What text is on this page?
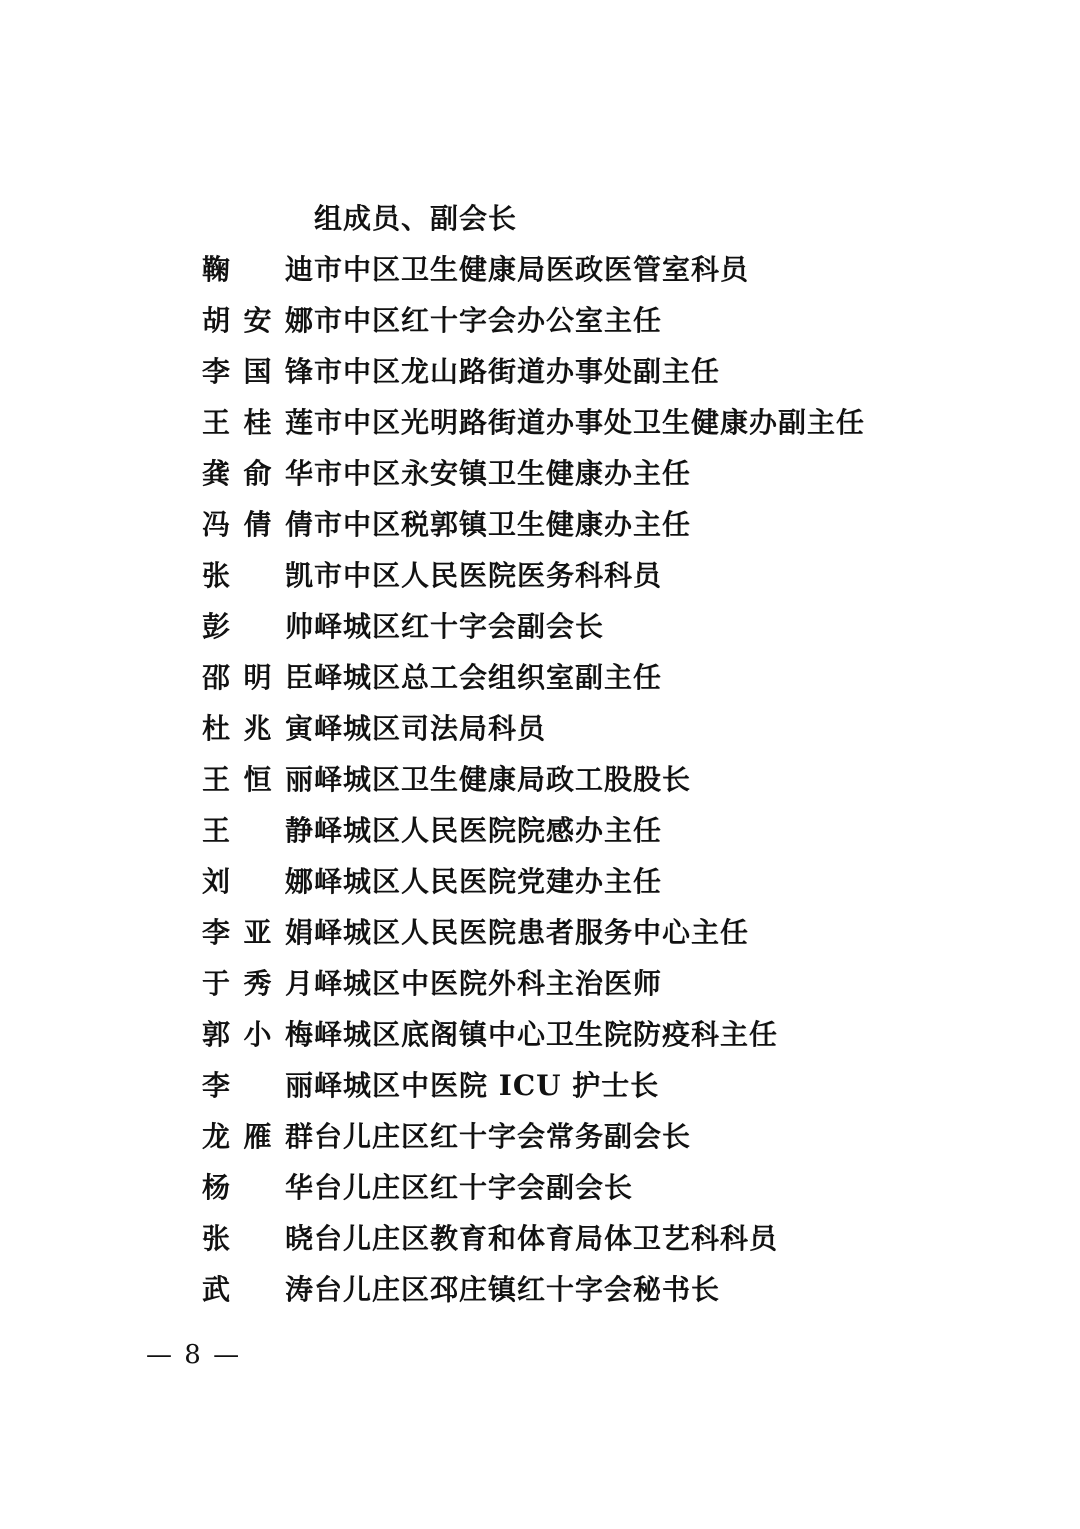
组成员、副会长
鞠 迪 市中区卫生健康局医政医管室科员
胡 安 娜 市中区红十字会办公室主任
李 国 锋 市中区龙山路街道办事处副主任
王 桂 莲 市中区光明路街道办事处卫生健康办副主任
龚 俞 华 市中区永安镇卫生健康办主任
冯 倩 倩 市中区税郭镇卫生健康办主任
张 凯 市中区人民医院医务科科员
彭 帅 峄城区红十字会副会长
邵 明 臣 峄城区总工会组织室副主任
杜 兆 寅 峄城区司法局科员
王 恒 丽 峄城区卫生健康局政工股股长
王 静 峄城区人民医院院感办主任
刘 娜 峄城区人民医院党建办主任
李 亚 娟 峄城区人民医院患者服务中心主任
于 秀 月 峄城区中医院外科主治医师
郭 小 梅 峄城区底阁镇中心卫生院防疫科主任
李 丽 峄城区中医院 ICU 护士长
龙 雁 群 台儿庄区红十字会常务副会长
杨 华 台儿庄区红十字会副会长
张 晓 台儿庄区教育和体育局体卫艺科科员
武 涛 台儿庄区邳庄镇红十字会秘书长
— 8 —
